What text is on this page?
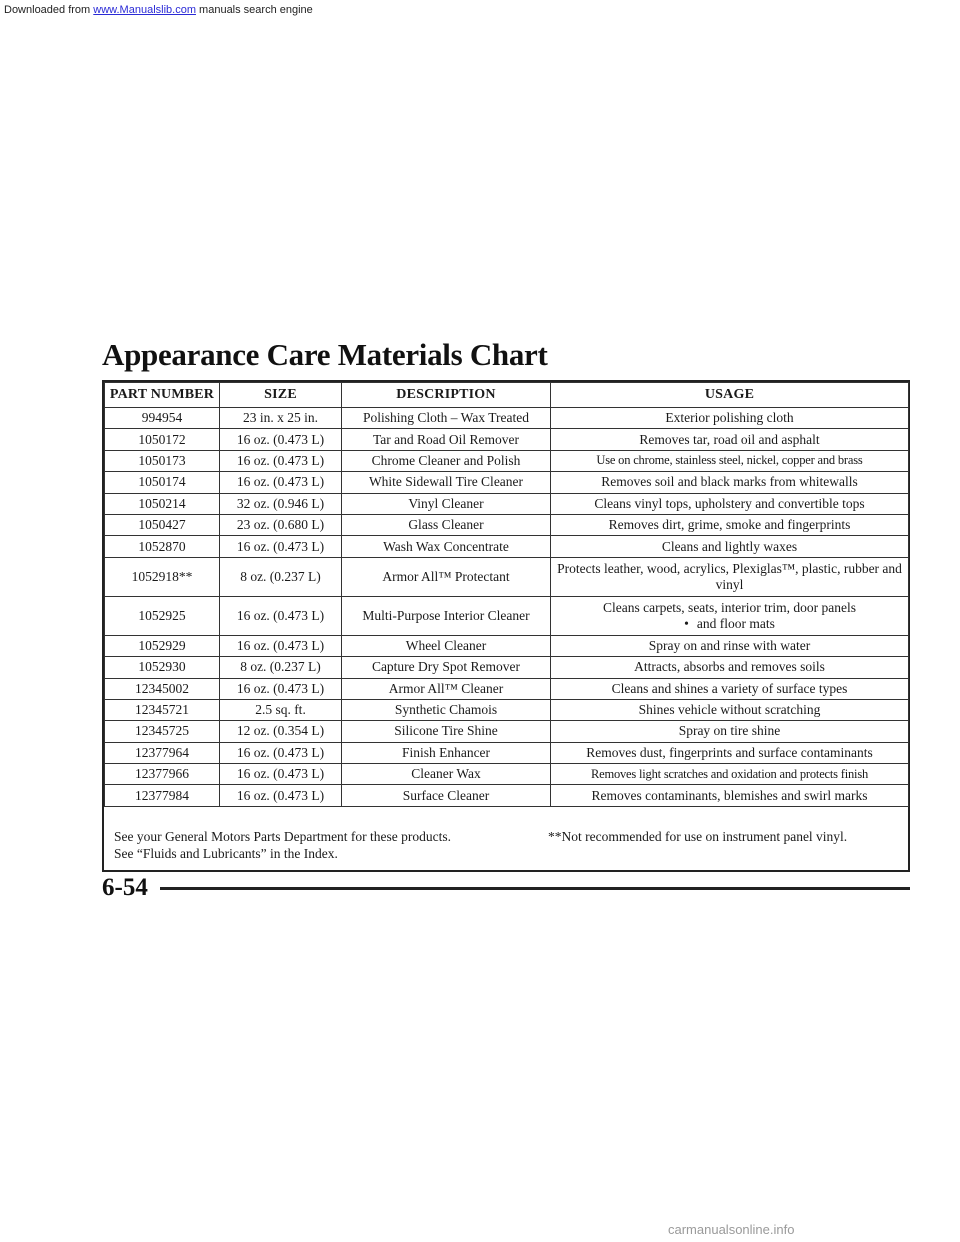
Downloaded from www.Manualslib.com manuals search engine
Appearance Care Materials Chart
PART NUMBER	SIZE	DESCRIPTION	USAGE
994954	23 in. x 25 in.	Polishing Cloth – Wax Treated	Exterior polishing cloth
1050172	16 oz. (0.473 L)	Tar and Road Oil Remover	Removes tar, road oil and asphalt
1050173	16 oz. (0.473 L)	Chrome Cleaner and Polish	Use on chrome, stainless steel, nickel, copper and brass
1050174	16 oz. (0.473 L)	White Sidewall Tire Cleaner	Removes soil and black marks from whitewalls
1050214	32 oz. (0.946 L)	Vinyl Cleaner	Cleans vinyl tops, upholstery and convertible tops
1050427	23 oz. (0.680 L)	Glass Cleaner	Removes dirt, grime, smoke and fingerprints
1052870	16 oz. (0.473 L)	Wash Wax Concentrate	Cleans and lightly waxes
1052918**	8 oz. (0.237 L)	Armor All™ Protectant	Protects leather, wood, acrylics, Plexiglas™, plastic, rubber and vinyl
1052925	16 oz. (0.473 L)	Multi-Purpose Interior Cleaner	Cleans carpets, seats, interior trim, door panels
• and floor mats

1052929	16 oz. (0.473 L)	Wheel Cleaner	Spray on and rinse with water
1052930	8 oz. (0.237 L)	Capture Dry Spot Remover	Attracts, absorbs and removes soils
12345002	16 oz. (0.473 L)	Armor All™ Cleaner	Cleans and shines a variety of surface types
12345721	2.5 sq. ft.	Synthetic Chamois	Shines vehicle without scratching
12345725	12 oz. (0.354 L)	Silicone Tire Shine	Spray on tire shine
12377964	16 oz. (0.473 L)	Finish Enhancer	Removes dust, fingerprints and surface contaminants
12377966	16 oz. (0.473 L)	Cleaner Wax	Removes light scratches and oxidation and protects finish
12377984	16 oz. (0.473 L)	Surface Cleaner	Removes contaminants, blemishes and swirl marks
See your General Motors Parts Department for these products.
See “Fluids and Lubricants” in the Index.
**Not recommended for use on instrument panel vinyl.
6-54
carmanualsonline.info
